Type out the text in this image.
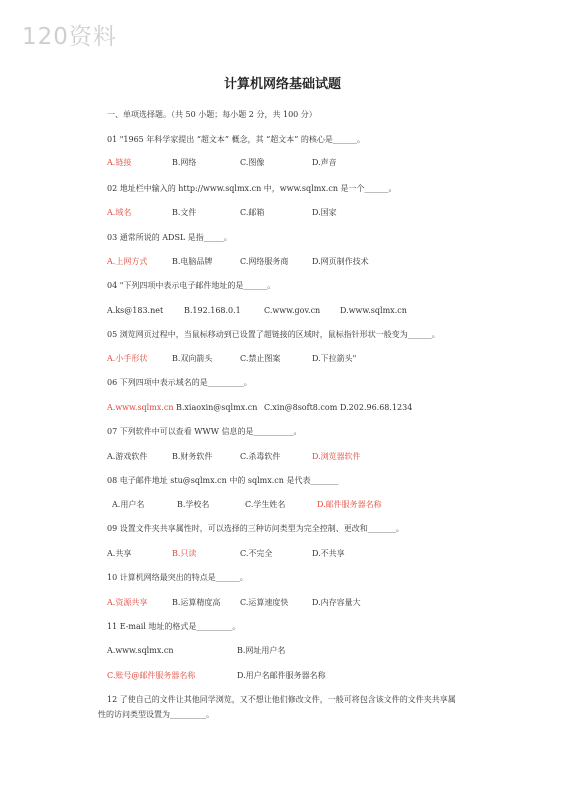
120资料
计算机网络基础试题
一、单项选择题。（共 50 小题；每小题 2 分，共 100 分）
01 "1965 年科学家提出 “超文本” 概念，其 “超文本” 的核心是______。
A.链接	B.网络	C.图像	D.声音
02 地址栏中输入的 http://www.sqlmx.cn 中，www.sqlmx.cn 是一个______。
A.域名	B.文件	C.邮箱	D.国家
03 通常所说的 ADSL 是指_____。
A.上网方式	B.电脑品牌	C.网络服务商	D.网页制作技术
04 "下列四项中表示电子邮件地址的是______。
A.ks@183.net	B.192.168.0.1	C.www.gov.cn D.www.sqlmx.cn
05 浏览网页过程中，当鼠标移动到已设置了超链接的区域时，鼠标指针形状一般变为______。
A.小手形状	B.双向箭头	C.禁止图案	D.下拉箭头"
06 下列四项中表示域名的是_________。
A.www.sqlmx.cn B.xiaoxin@sqlmx.cn C.xin@8soft8.com D.202.96.68.1234
07 下列软件中可以查看 WWW 信息的是__________。
A.游戏软件	B.财务软件	C.杀毒软件	D.浏览器软件
08 电子邮件地址 stu@sqlmx.cn 中的 sqlmx.cn 是代表_______
A.用户名	B.学校名	C.学生姓名	D.邮件服务器名称
09 设置文件夹共享属性时，可以选择的三种访问类型为完全控制、更改和_______。
A.共享	B.只读	C.不完全	D.不共享
10 计算机网络最突出的特点是______。
A.资源共享	B.运算精度高 C.运算速度快	D.内存容量大
11 E-mail 地址的格式是_________。
A.www.sqlmx.cn	B.网址用户名
C.账号@邮件服务器名称	D.用户名邮件服务器名称
12 了使自己的文件让其他同学浏览，又不想让他们修改文件，一般可将包含该文件的文件夹共享属
性的访问类型设置为_________。
